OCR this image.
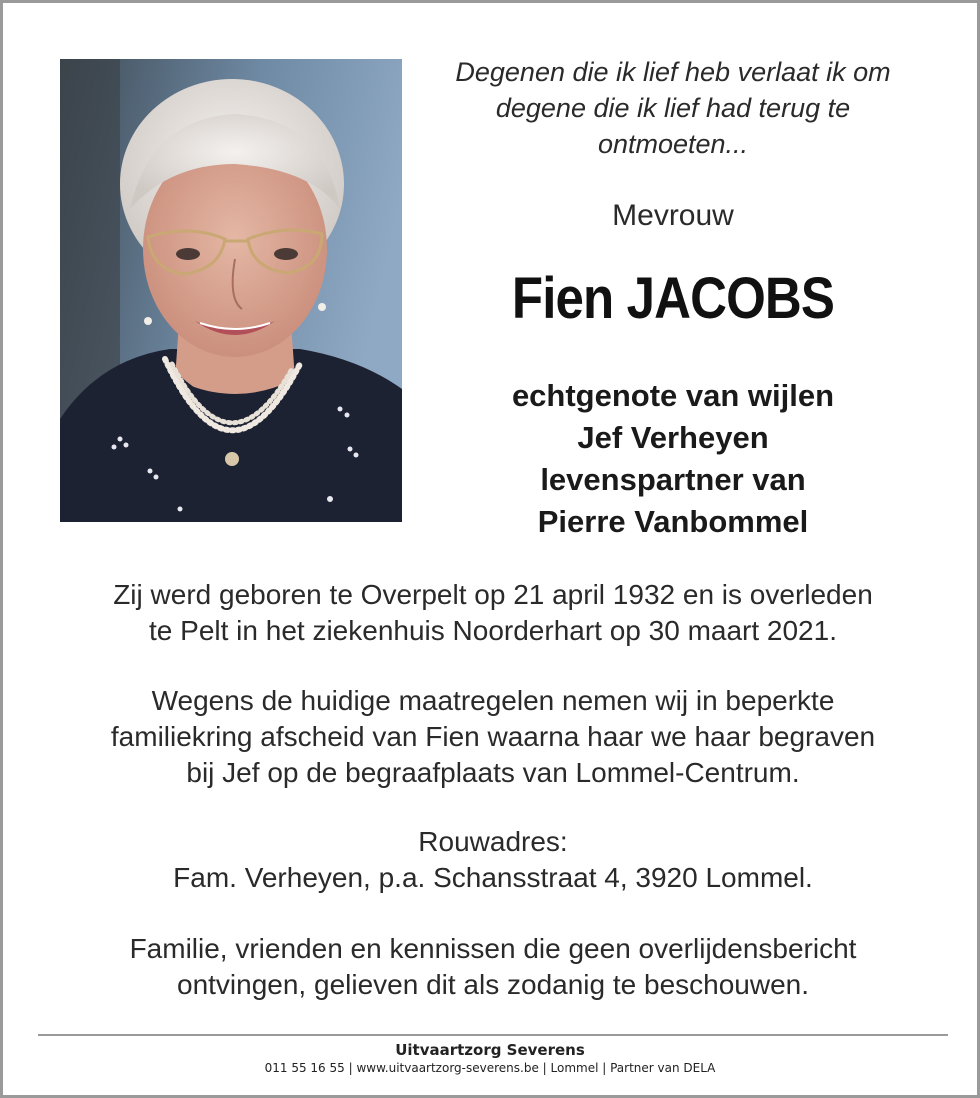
Degenen die ik lief heb verlaat ik om
degene die ik lief had terug te
ontmoeten...
Mevrouw
Fien JACOBS
echtgenote van wijlen
Jef Verheyen
levenspartner van
Pierre Vanbommel
Zij werd geboren te Overpelt op 21 april 1932 en is overleden
te Pelt in het ziekenhuis Noorderhart op 30 maart 2021.
Wegens de huidige maatregelen nemen wij in beperkte
familiekring afscheid van Fien waarna haar we haar begraven
bij Jef op de begraafplaats van Lommel-Centrum.
Rouwadres:
Fam. Verheyen, p.a. Schansstraat 4, 3920 Lommel.
Familie, vrienden en kennissen die geen overlijdensbericht
ontvingen, gelieven dit als zodanig te beschouwen.
Uitvaartzorg Severens
011 55 16 55 | www.uitvaartzorg-severens.be | Lommel | Partner van DELA
